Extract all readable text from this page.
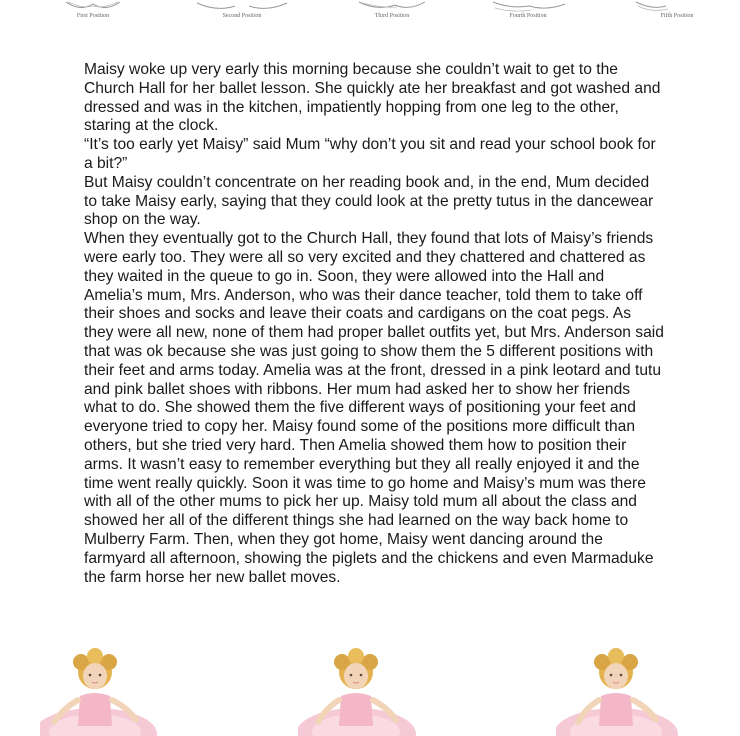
First Position	Second Position	Third Position	Fourth Position	Fifth Position

Maisy woke up very early this morning because she couldn’t wait to get to the Church Hall for her ballet lesson. She quickly ate her breakfast and got washed and dressed and was in the kitchen, impatiently hopping from one leg to the other, staring at the clock.

“It’s too early yet Maisy” said Mum “why don’t you sit and read your school book for a bit?”

But Maisy couldn’t concentrate on her reading book and, in the end, Mum decided to take Maisy early, saying that they could look at the pretty tutus in the dancewear shop on the way.

When they eventually got to the Church Hall, they found that lots of Maisy’s friends were early too. They were all so very excited and they chattered and chattered as they waited in the queue to go in. Soon, they were allowed into the Hall and Amelia’s mum, Mrs. Anderson, who was their dance teacher, told them to take off their shoes and socks and leave their coats and cardigans on the coat pegs. As they were all new, none of them had proper ballet outfits yet, but Mrs. Anderson said that was ok because she was just going to show them the 5 different positions with their feet and arms today. Amelia was at the front, dressed in a pink leotard and tutu and pink ballet shoes with ribbons. Her mum had asked her to show her friends what to do. She showed them the five different ways of positioning your feet and everyone tried to copy her. Maisy found some of the positions more difficult than others, but she tried very hard. Then Amelia showed them how to position their arms. It wasn’t easy to remember everything but they all really enjoyed it and the time went really quickly. Soon it was time to go home and Maisy’s mum was there with all of the other mums to pick her up. Maisy told mum all about the class and showed her all of the different things she had learned on the way back home to Mulberry Farm. Then, when they got home, Maisy went dancing around the farmyard all afternoon, showing the piglets and the chickens and even Marmaduke the farm horse her new ballet moves.
